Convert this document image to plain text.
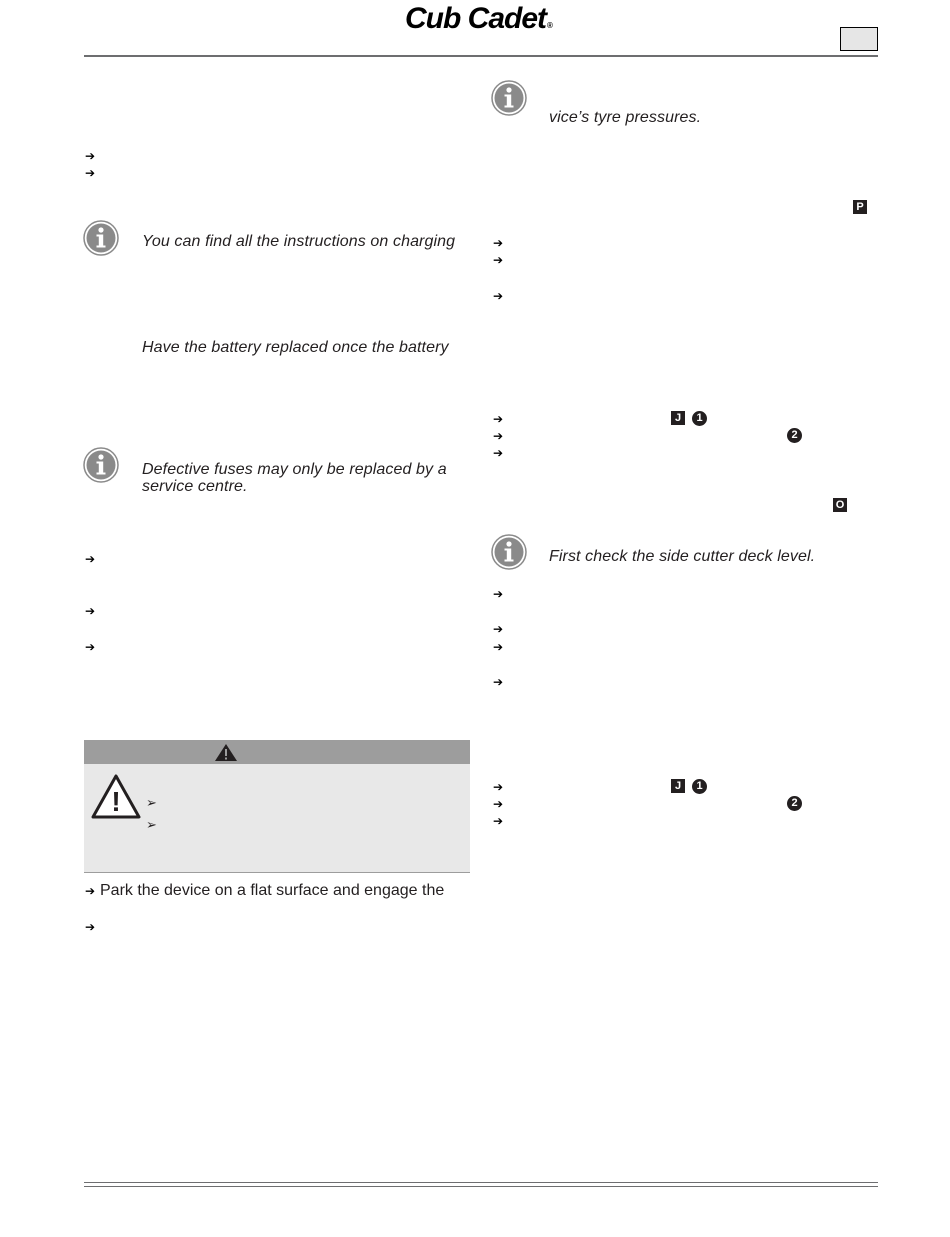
Cub Cadet®
➔
➔
You can find all the instructions on charging
Have the battery replaced once the battery
Defective fuses may only be replaced by a service centre.
➔
➔
➔
! ➢
➢
➔ Park the device on a flat surface and engage the
➔
vice’s tyre pressures.
P
➔
➔
➔
➔	J	1
➔	2
➔
O
First check the side cutter deck level.
➔
➔
➔
➔
➔	J	1
➔	2
➔
